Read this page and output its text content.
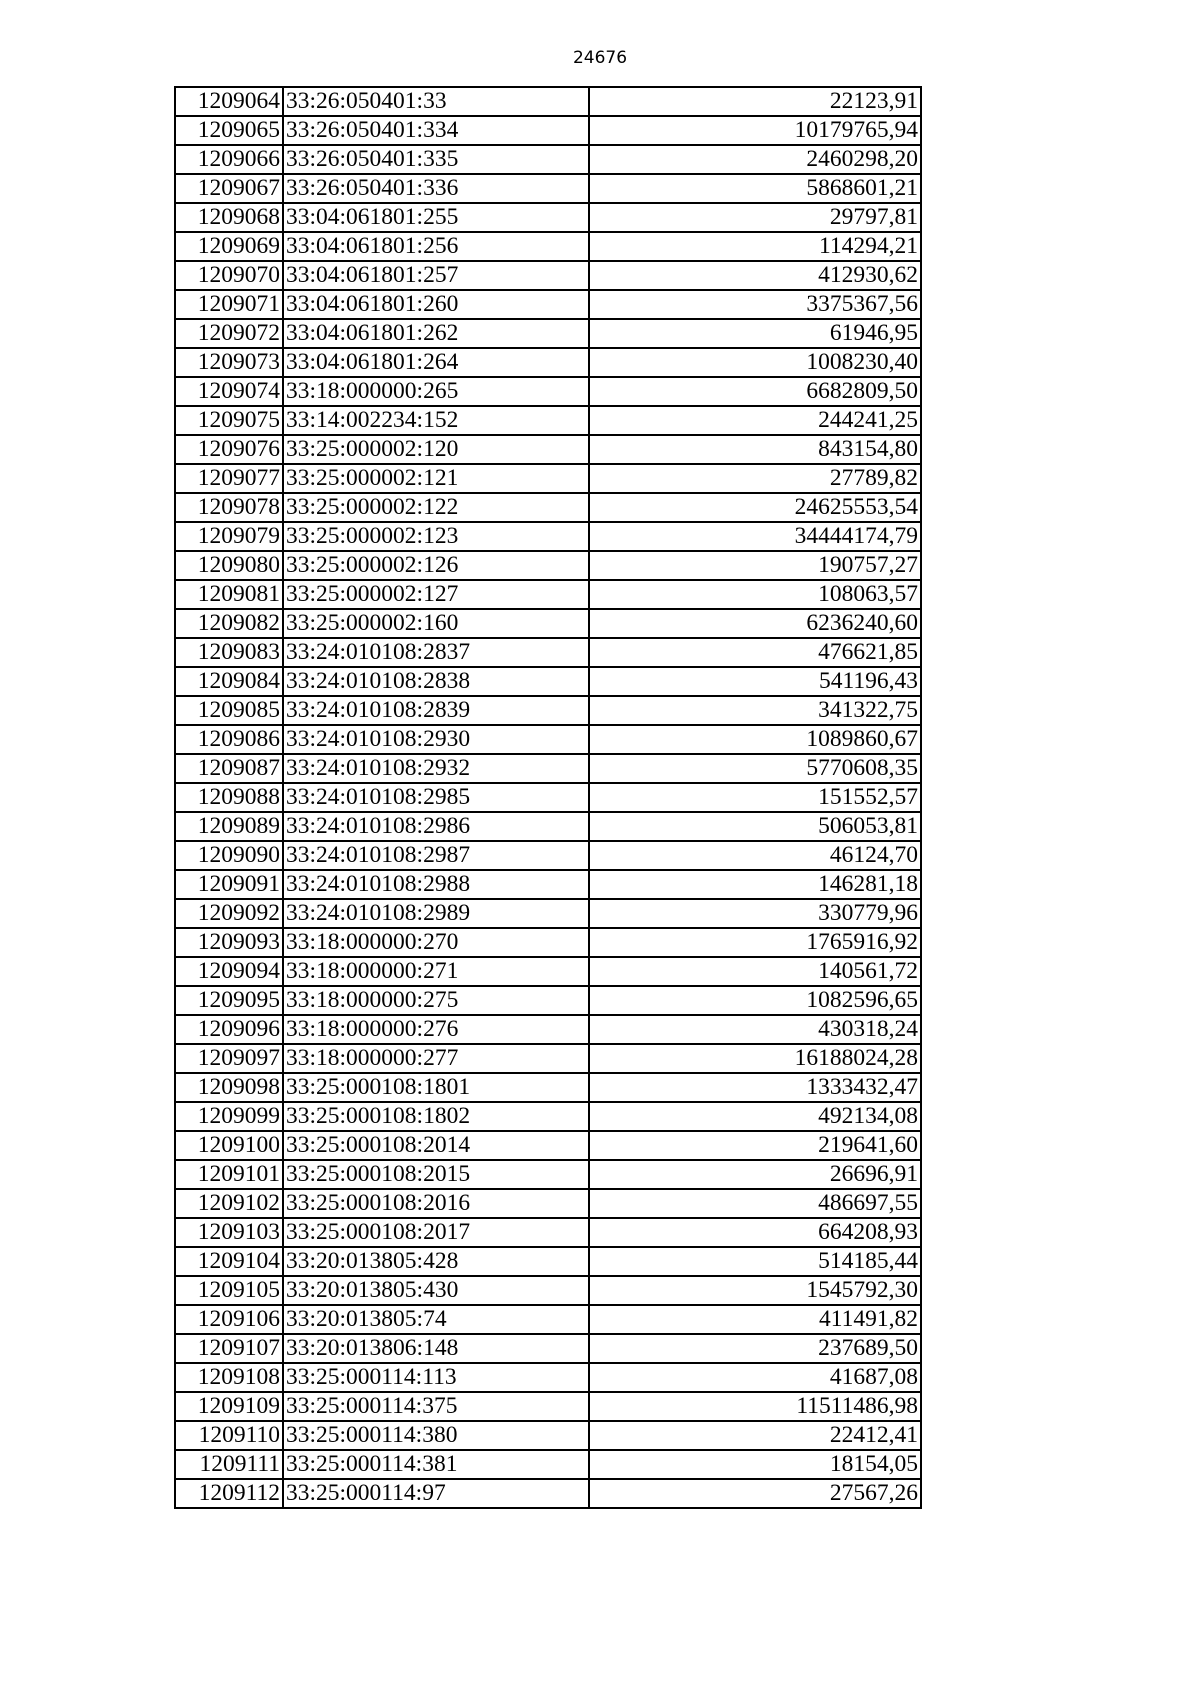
24676
1209064	33:26:050401:33	22123,91
1209065	33:26:050401:334	10179765,94
1209066	33:26:050401:335	2460298,20
1209067	33:26:050401:336	5868601,21
1209068	33:04:061801:255	29797,81
1209069	33:04:061801:256	114294,21
1209070	33:04:061801:257	412930,62
1209071	33:04:061801:260	3375367,56
1209072	33:04:061801:262	61946,95
1209073	33:04:061801:264	1008230,40
1209074	33:18:000000:265	6682809,50
1209075	33:14:002234:152	244241,25
1209076	33:25:000002:120	843154,80
1209077	33:25:000002:121	27789,82
1209078	33:25:000002:122	24625553,54
1209079	33:25:000002:123	34444174,79
1209080	33:25:000002:126	190757,27
1209081	33:25:000002:127	108063,57
1209082	33:25:000002:160	6236240,60
1209083	33:24:010108:2837	476621,85
1209084	33:24:010108:2838	541196,43
1209085	33:24:010108:2839	341322,75
1209086	33:24:010108:2930	1089860,67
1209087	33:24:010108:2932	5770608,35
1209088	33:24:010108:2985	151552,57
1209089	33:24:010108:2986	506053,81
1209090	33:24:010108:2987	46124,70
1209091	33:24:010108:2988	146281,18
1209092	33:24:010108:2989	330779,96
1209093	33:18:000000:270	1765916,92
1209094	33:18:000000:271	140561,72
1209095	33:18:000000:275	1082596,65
1209096	33:18:000000:276	430318,24
1209097	33:18:000000:277	16188024,28
1209098	33:25:000108:1801	1333432,47
1209099	33:25:000108:1802	492134,08
1209100	33:25:000108:2014	219641,60
1209101	33:25:000108:2015	26696,91
1209102	33:25:000108:2016	486697,55
1209103	33:25:000108:2017	664208,93
1209104	33:20:013805:428	514185,44
1209105	33:20:013805:430	1545792,30
1209106	33:20:013805:74	411491,82
1209107	33:20:013806:148	237689,50
1209108	33:25:000114:113	41687,08
1209109	33:25:000114:375	11511486,98
1209110	33:25:000114:380	22412,41
1209111	33:25:000114:381	18154,05
1209112	33:25:000114:97	27567,26
